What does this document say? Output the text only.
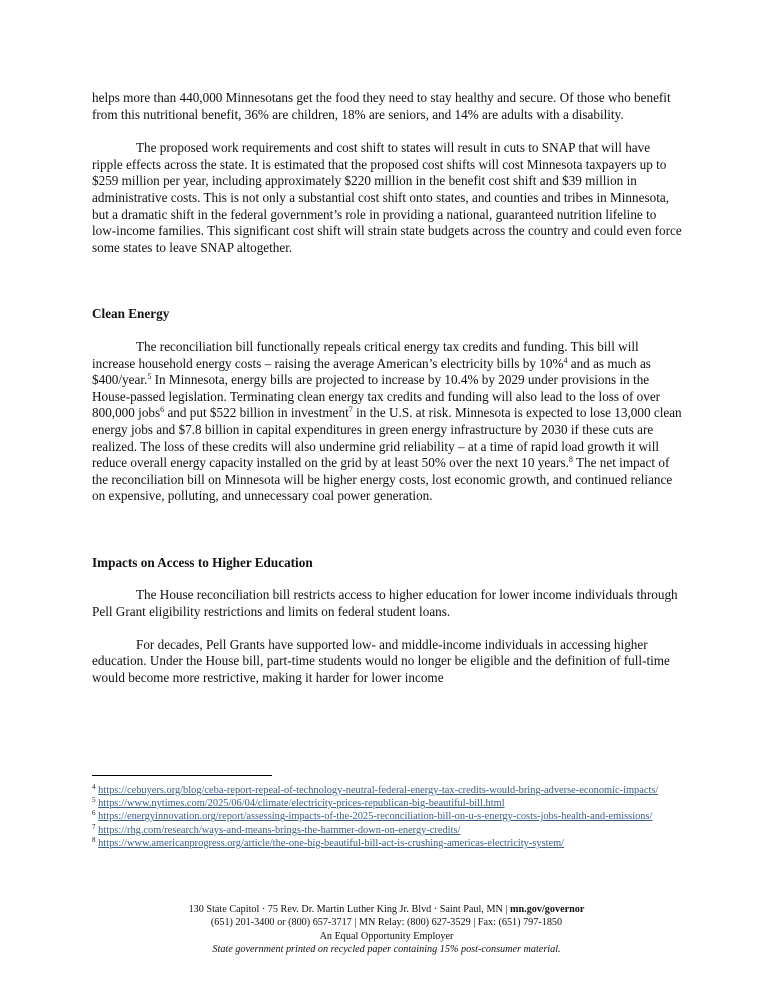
helps more than 440,000 Minnesotans get the food they need to stay healthy and secure. Of those who benefit from this nutritional benefit, 36% are children, 18% are seniors, and 14% are adults with a disability.

The proposed work requirements and cost shift to states will result in cuts to SNAP that will have ripple effects across the state. It is estimated that the proposed cost shifts will cost Minnesota taxpayers up to $259 million per year, including approximately $220 million in the benefit cost shift and $39 million in administrative costs. This is not only a substantial cost shift onto states, and counties and tribes in Minnesota, but a dramatic shift in the federal government’s role in providing a national, guaranteed nutrition lifeline to low-income families. This significant cost shift will strain state budgets across the country and could even force some states to leave SNAP altogether.

Clean Energy

The reconciliation bill functionally repeals critical energy tax credits and funding. This bill will increase household energy costs – raising the average American’s electricity bills by 10%$^4$ and as much as $400/year.$^5$ In Minnesota, energy bills are projected to increase by 10.4% by 2029 under provisions in the House-passed legislation. Terminating clean energy tax credits and funding will also lead to the loss of over 800,000 jobs$^6$ and put $522 billion in investment$^7$ in the U.S. at risk. Minnesota is expected to lose 13,000 clean energy jobs and $7.8 billion in capital expenditures in green energy infrastructure by 2030 if these cuts are realized. The loss of these credits will also undermine grid reliability – at a time of rapid load growth it will reduce overall energy capacity installed on the grid by at least 50% over the next 10 years.$^8$ The net impact of the reconciliation bill on Minnesota will be higher energy costs, lost economic growth, and continued reliance on expensive, polluting, and unnecessary coal power generation.

Impacts on Access to Higher Education

The House reconciliation bill restricts access to higher education for lower income individuals through Pell Grant eligibility restrictions and limits on federal student loans.

For decades, Pell Grants have supported low- and middle-income individuals in accessing higher education. Under the House bill, part-time students would no longer be eligible and the definition of full-time would become more restrictive, making it harder for lower income

$^4$ https://cebuyers.org/blog/ceba-report-repeal-of-technology-neutral-federal-energy-tax-credits-would-bring-adverse-economic-impacts/
$^5$ https://www.nytimes.com/2025/06/04/climate/electricity-prices-republican-big-beautiful-bill.html
$^6$ https://energyinnovation.org/report/assessing-impacts-of-the-2025-reconciliation-bill-on-u-s-energy-costs-jobs-health-and-emissions/
$^7$ https://rhg.com/research/ways-and-means-brings-the-hammer-down-on-energy-credits/
$^8$ https://www.americanprogress.org/article/the-one-big-beautiful-bill-act-is-crushing-americas-electricity-system/
130 State Capitol · 75 Rev. Dr. Martin Luther King Jr. Blvd · Saint Paul, MN | mn.gov/governor
(651) 201-3400 or (800) 657-3717 | MN Relay: (800) 627-3529 | Fax: (651) 797-1850
An Equal Opportunity Employer
State government printed on recycled paper containing 15% post-consumer material.
